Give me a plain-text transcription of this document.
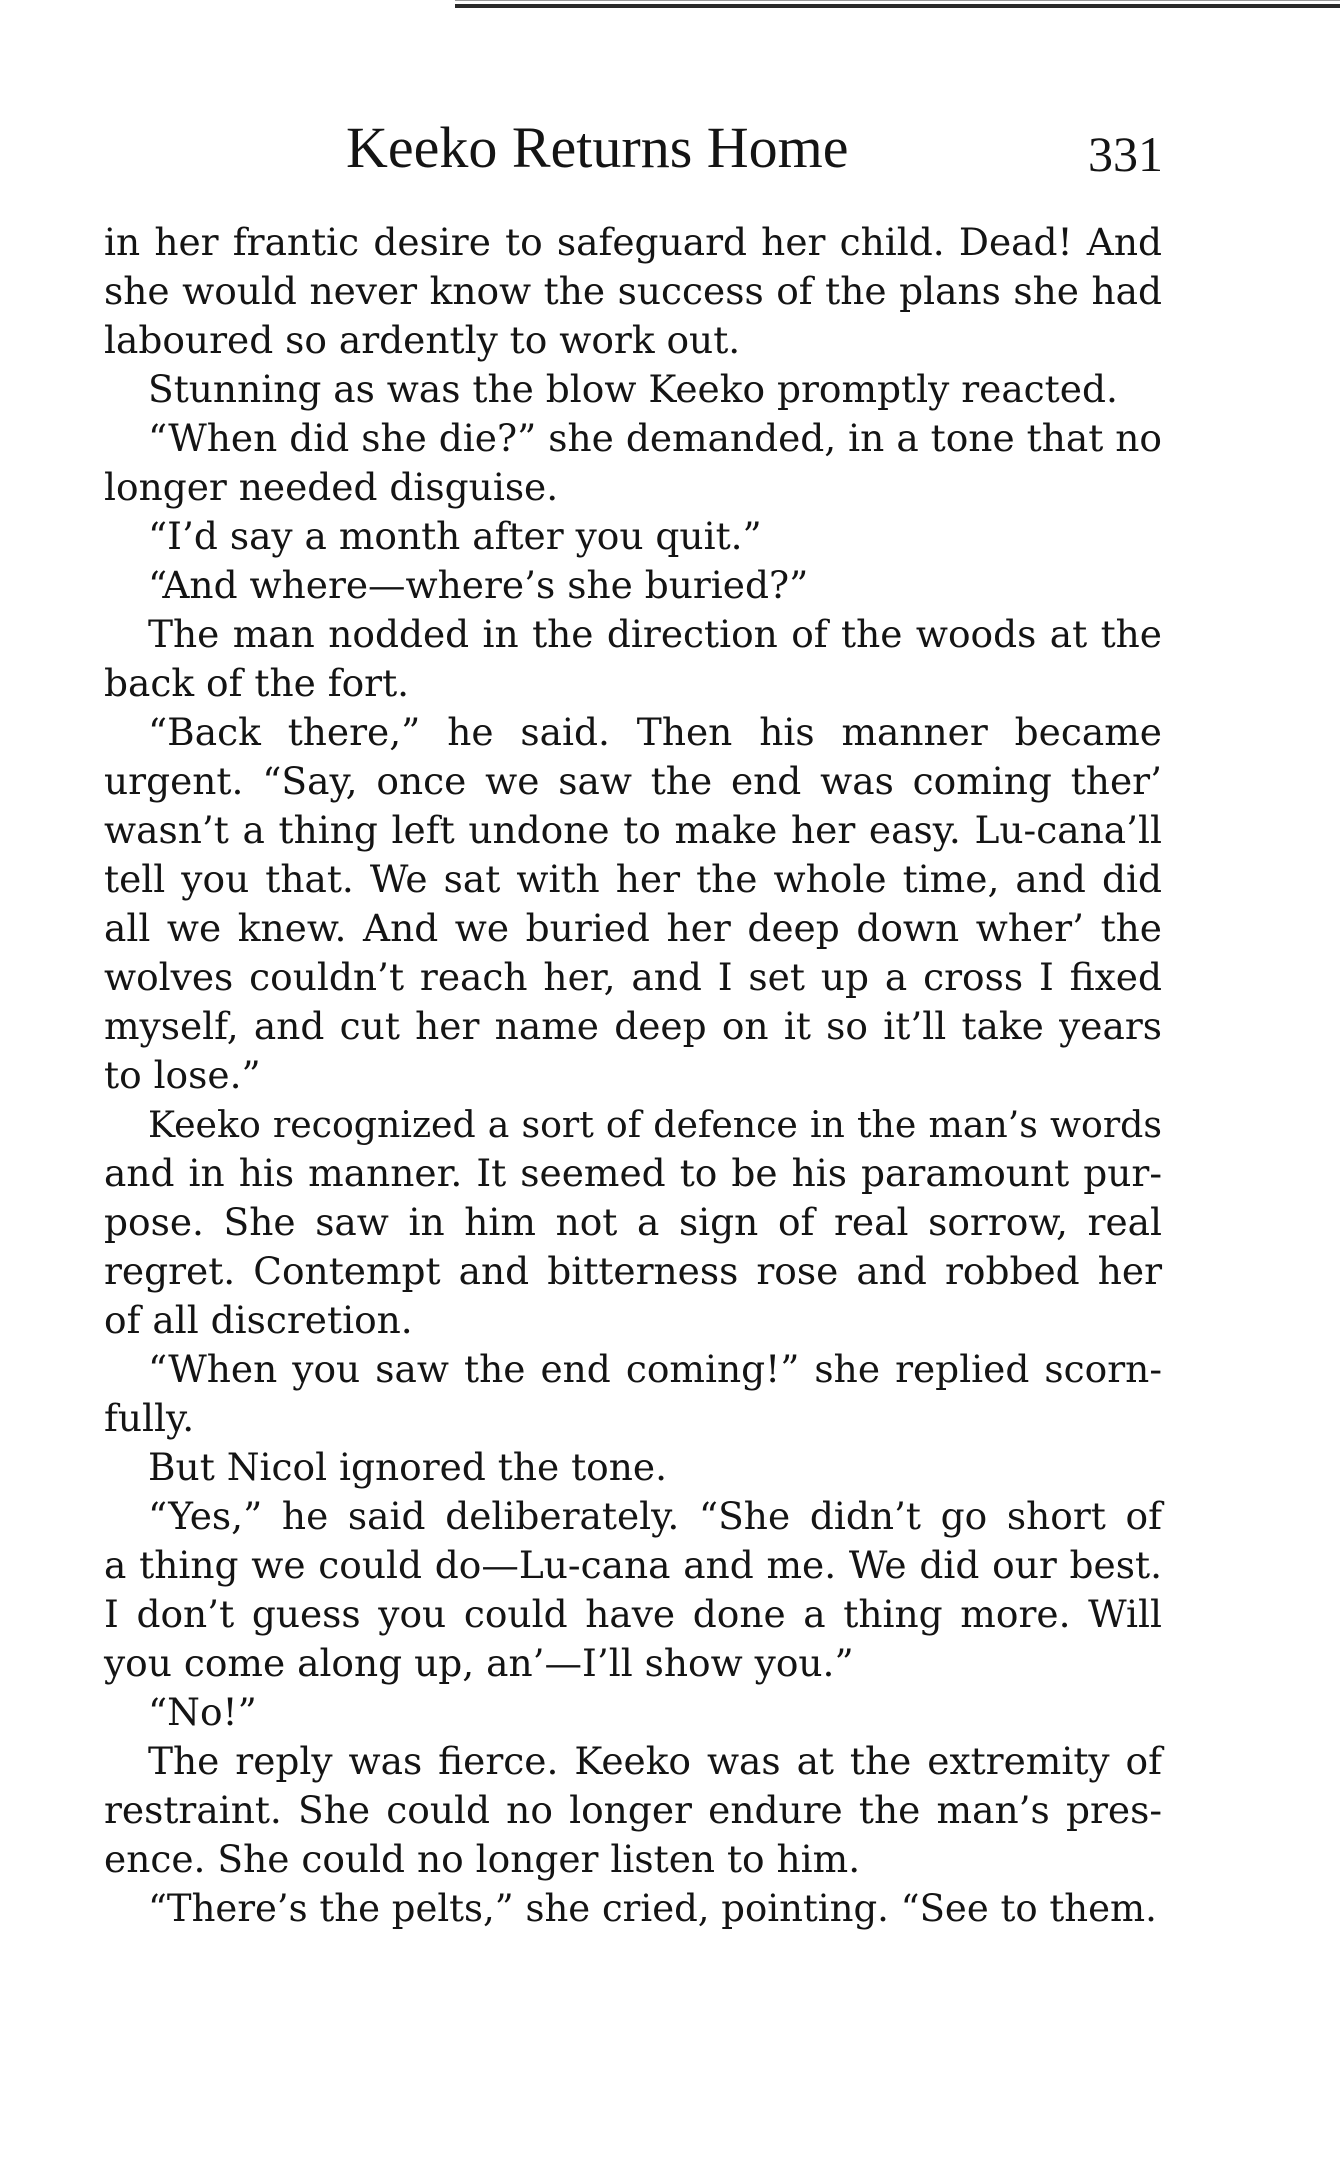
Keeko Returns Home	331
in her frantic desire to safeguard her child. Dead! And
she would never know the success of the plans she had
laboured so ardently to work out.
Stunning as was the blow Keeko promptly reacted.
“When did she die?” she demanded, in a tone that no
longer needed disguise.
“I’d say a month after you quit.”
“And where—where’s she buried?”
The man nodded in the direction of the woods at the
back of the fort.
“Back there,” he said. Then his manner became
urgent. “Say, once we saw the end was coming ther’
wasn’t a thing left undone to make her easy. Lu-cana’ll
tell you that. We sat with her the whole time, and did
all we knew. And we buried her deep down wher’ the
wolves couldn’t reach her, and I set up a cross I fixed
myself, and cut her name deep on it so it’ll take years
to lose.”
Keeko recognized a sort of defence in the man’s words
and in his manner. It seemed to be his paramount pur-
pose. She saw in him not a sign of real sorrow, real
regret. Contempt and bitterness rose and robbed her
of all discretion.
“When you saw the end coming!” she replied scorn-
fully.
But Nicol ignored the tone.
“Yes,” he said deliberately. “She didn’t go short of
a thing we could do—Lu-cana and me. We did our best.
I don’t guess you could have done a thing more. Will
you come along up, an’—I’ll show you.”
“No!”
The reply was fierce. Keeko was at the extremity of
restraint. She could no longer endure the man’s pres-
ence. She could no longer listen to him.
“There’s the pelts,” she cried, pointing. “See to them.
